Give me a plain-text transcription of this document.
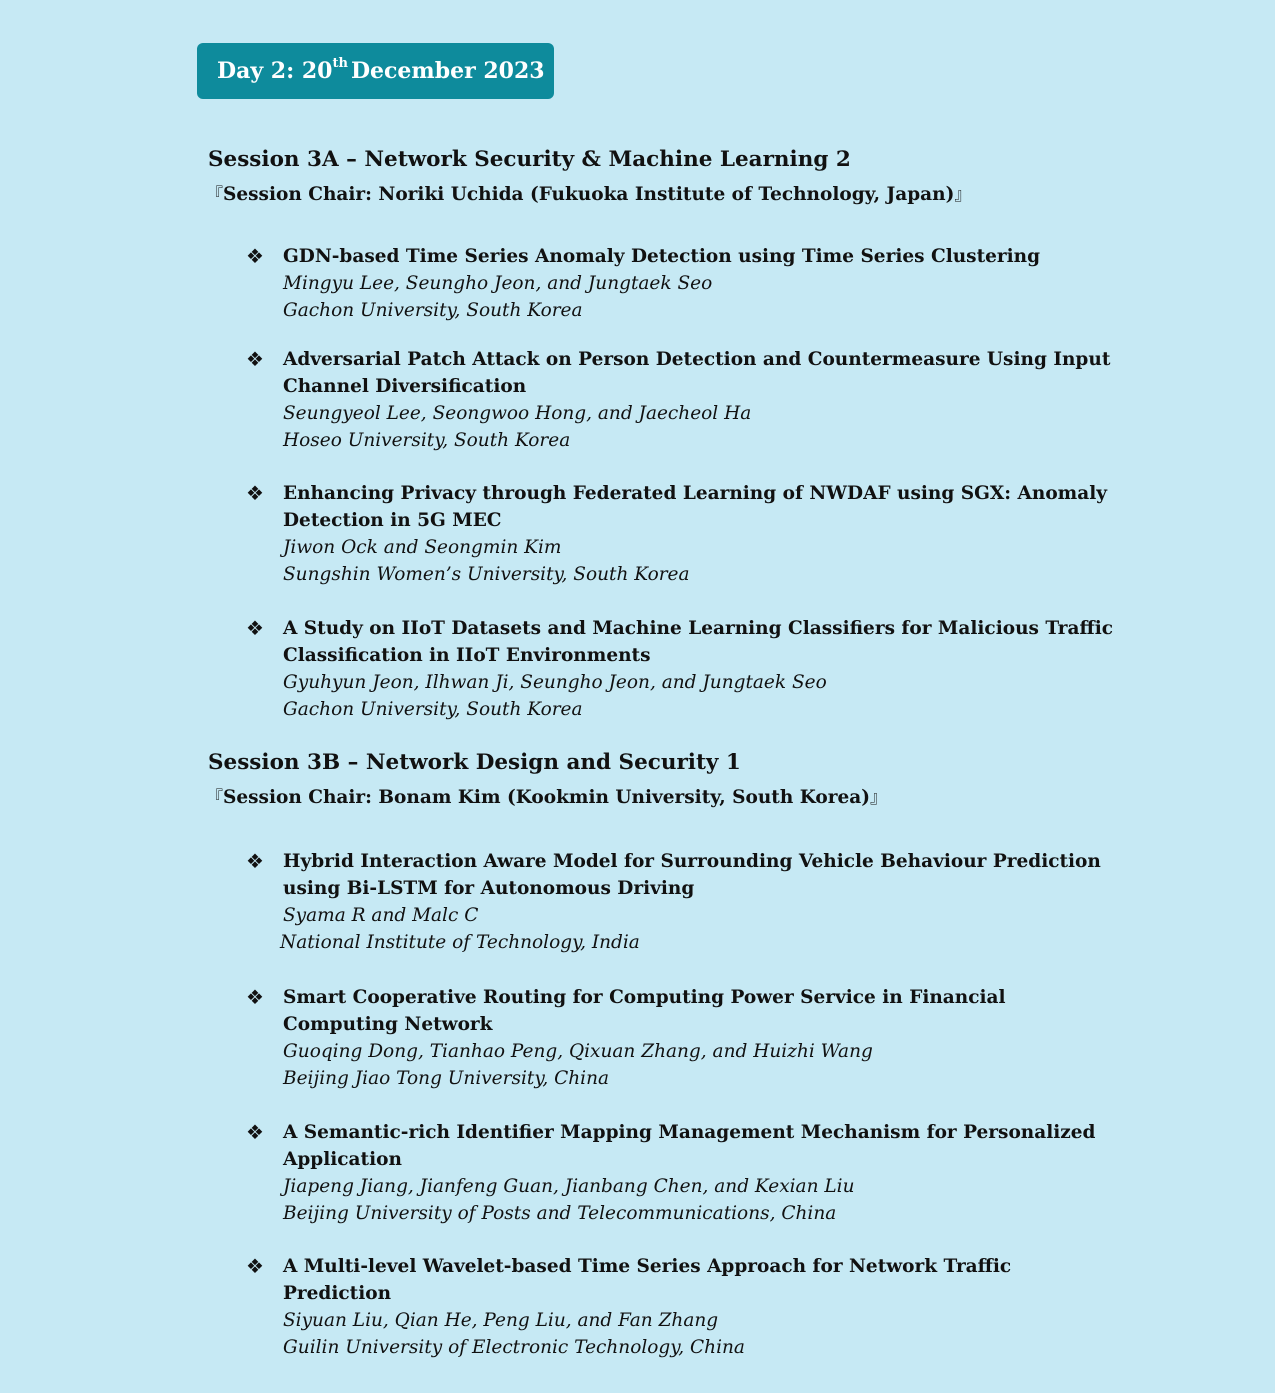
Day 2: 20th December 2023
Session 3A – Network Security & Machine Learning 2
『Session Chair: Noriki Uchida (Fukuoka Institute of Technology, Japan)』
❖ GDN-based Time Series Anomaly Detection using Time Series Clustering
Mingyu Lee, Seungho Jeon, and Jungtaek Seo
Gachon University, South Korea
❖ Adversarial Patch Attack on Person Detection and Countermeasure Using Input Channel Diversification
Seungyeol Lee, Seongwoo Hong, and Jaecheol Ha
Hoseo University, South Korea
❖ Enhancing Privacy through Federated Learning of NWDAF using SGX: Anomaly Detection in 5G MEC
Jiwon Ock and Seongmin Kim
Sungshin Women’s University, South Korea
❖ A Study on IIoT Datasets and Machine Learning Classifiers for Malicious Traffic Classification in IIoT Environments
Gyuhyun Jeon, Ilhwan Ji, Seungho Jeon, and Jungtaek Seo
Gachon University, South Korea
Session 3B – Network Design and Security 1
『Session Chair: Bonam Kim (Kookmin University, South Korea)』
❖ Hybrid Interaction Aware Model for Surrounding Vehicle Behaviour Prediction using Bi-LSTM for Autonomous Driving
Syama R and Malc C
National Institute of Technology, India
❖ Smart Cooperative Routing for Computing Power Service in Financial Computing Network
Guoqing Dong, Tianhao Peng, Qixuan Zhang, and Huizhi Wang
Beijing Jiao Tong University, China
❖ A Semantic-rich Identifier Mapping Management Mechanism for Personalized Application
Jiapeng Jiang, Jianfeng Guan, Jianbang Chen, and Kexian Liu
Beijing University of Posts and Telecommunications, China
❖ A Multi-level Wavelet-based Time Series Approach for Network Traffic Prediction
Siyuan Liu, Qian He, Peng Liu, and Fan Zhang
Guilin University of Electronic Technology, China
